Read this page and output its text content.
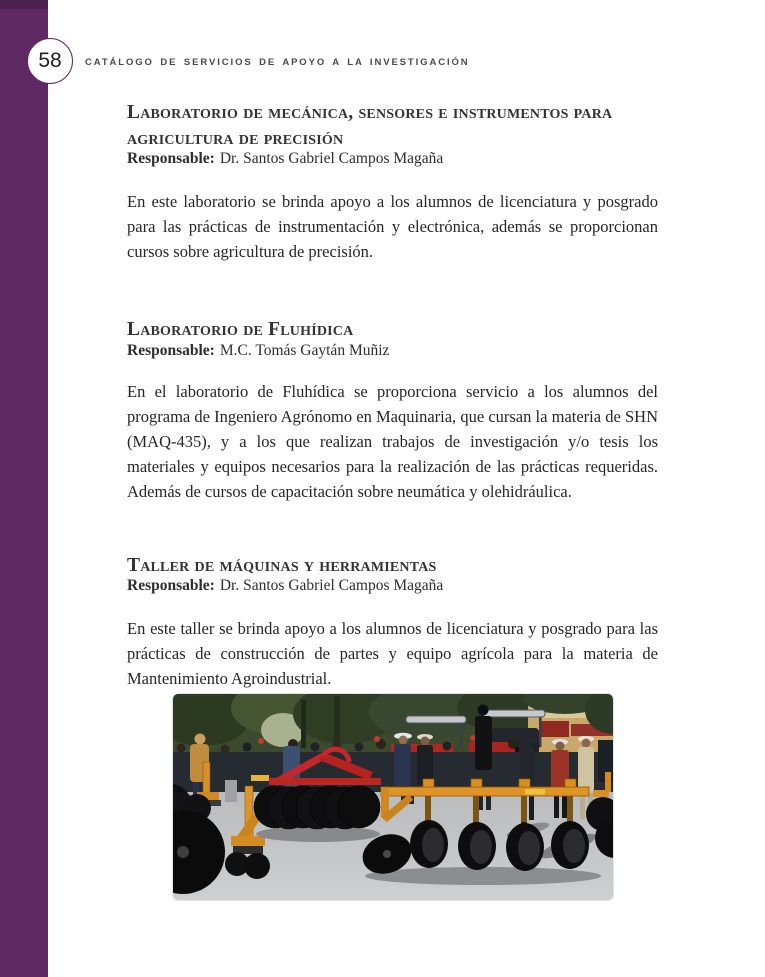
58 CATÁLOGO DE SERVICIOS DE APOYO A LA INVESTIGACIÓN
Laboratorio de mecánica, sensores e instrumentos para agricultura de precisión
Responsable: Dr. Santos Gabriel Campos Magaña
En este laboratorio se brinda apoyo a los alumnos de licenciatura y posgrado para las prácticas de instrumentación y electrónica, además se proporcionan cursos sobre agricultura de precisión.
Laboratorio de Fluhídica
Responsable: M.C. Tomás Gaytán Muñiz
En el laboratorio de Fluhídica se proporciona servicio a los alumnos del programa de Ingeniero Agrónomo en Maquinaria, que cursan la materia de SHN (MAQ-435), y a los que realizan trabajos de investigación y/o tesis los materiales y equipos necesarios para la realización de las prácticas requeridas. Además de cursos de capacitación sobre neumática y olehidráulica.
Taller de máquinas y herramientas
Responsable: Dr. Santos Gabriel Campos Magaña
En este taller se brinda apoyo a los alumnos de licenciatura y posgrado para las prácticas de construcción de partes y equipo agrícola para la materia de Mantenimiento Agroindustrial.
